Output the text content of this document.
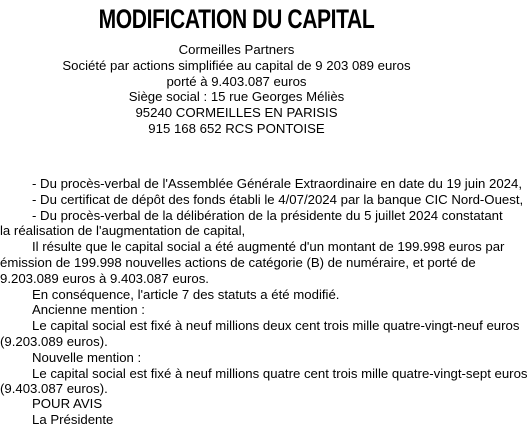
MODIFICATION DU CAPITAL
Cormeilles Partners
Société par actions simplifiée au capital de 9 203 089 euros
porté à 9.403.087 euros
Siège social : 15 rue Georges Méliès
95240 CORMEILLES EN PARISIS
915 168 652 RCS PONTOISE
- Du procès-verbal de l'Assemblée Générale Extraordinaire en date du 19 juin 2024,
- Du certificat de dépôt des fonds établi le 4/07/2024 par la banque CIC Nord-Ouest,
- Du procès-verbal de la délibération de la présidente du 5 juillet 2024 constatant
la réalisation de l'augmentation de capital,
Il résulte que le capital social a été augmenté d'un montant de 199.998 euros par
émission de 199.998 nouvelles actions de catégorie (B) de numéraire, et porté de
9.203.089 euros à 9.403.087 euros.
En conséquence, l'article 7 des statuts a été modifié.
Ancienne mention :
Le capital social est fixé à neuf millions deux cent trois mille quatre-vingt-neuf euros
(9.203.089 euros).
Nouvelle mention :
Le capital social est fixé à neuf millions quatre cent trois mille quatre-vingt-sept euros
(9.403.087 euros).
POUR AVIS
La Présidente
